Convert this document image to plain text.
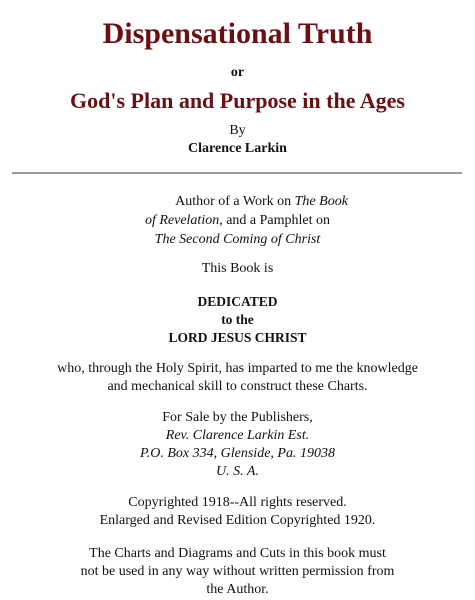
Dispensational Truth
or
God's Plan and Purpose in the Ages
By
Clarence Larkin
Author of a Work on The Book
of Revelation, and a Pamphlet on
The Second Coming of Christ
This Book is
DEDICATED
to the
LORD JESUS CHRIST
who, through the Holy Spirit, has imparted to me the knowledge
and mechanical skill to construct these Charts.
For Sale by the Publishers,
Rev. Clarence Larkin Est.
P.O. Box 334, Glenside, Pa. 19038
U. S. A.
Copyrighted 1918--All rights reserved.
Enlarged and Revised Edition Copyrighted 1920.
The Charts and Diagrams and Cuts in this book must
not be used in any way without written permission from
the Author.
